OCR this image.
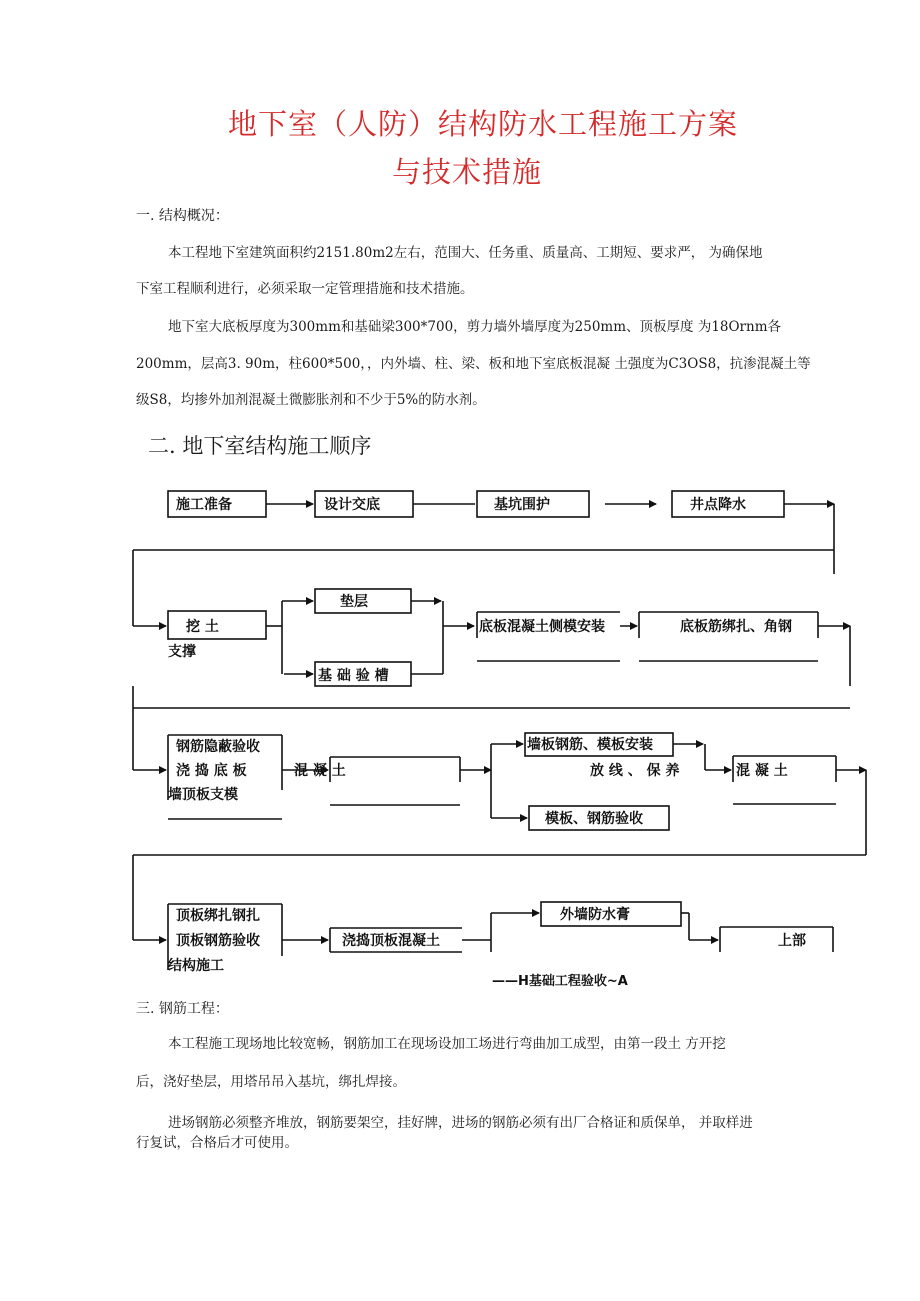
地下室（人防）结构防水工程施工方案
与技术措施
一. 结构概况：
本工程地下室建筑面积约2151.80m2左右，范围大、任务重、质量高、工期短、要求严， 为确保地
下室工程顺利进行，必须采取一定管理措施和技术措施。
地下室大底板厚度为300mm和基础梁300*700，剪力墙外墙厚度为250mm、顶板厚度 为18Ornm各
200mm，层高3. 90m，柱600*500，，内外墙、柱、梁、板和地下室底板混凝 土强度为C3OS8，抗渗混凝土等
级S8，均掺外加剂混凝土微膨胀剂和不少于5%的防水剂。
二. 地下室结构施工顺序
施工准备	设计交底	基坑围护	井点降水
挖 土
支撑
垫层
基 础 验 槽
底板混凝土侧模安装	底板筋绑扎、角钢
钢筋隐蔽验收
浇 捣 底 板
墙顶板支模
混 凝 土
墙板钢筋、模板安装
放 线 、 保 养	混 凝 土
模板、钢筋验收
顶板绑扎钢扎
顶板钢筋验收
结构施工
浇捣顶板混凝土
外墙防水膏
上部
——H基础工程验收~A
三. 钢筋工程：
本工程施工现场地比较宽畅，钢筋加工在现场设加工场进行弯曲加工成型，由第一段土 方开挖
后，浇好垫层，用塔吊吊入基坑，绑扎焊接。
进场钢筋必须整齐堆放，钢筋要架空，挂好牌，进场的钢筋必须有出厂合格证和质保单， 并取样进
行复试，合格后才可使用。
